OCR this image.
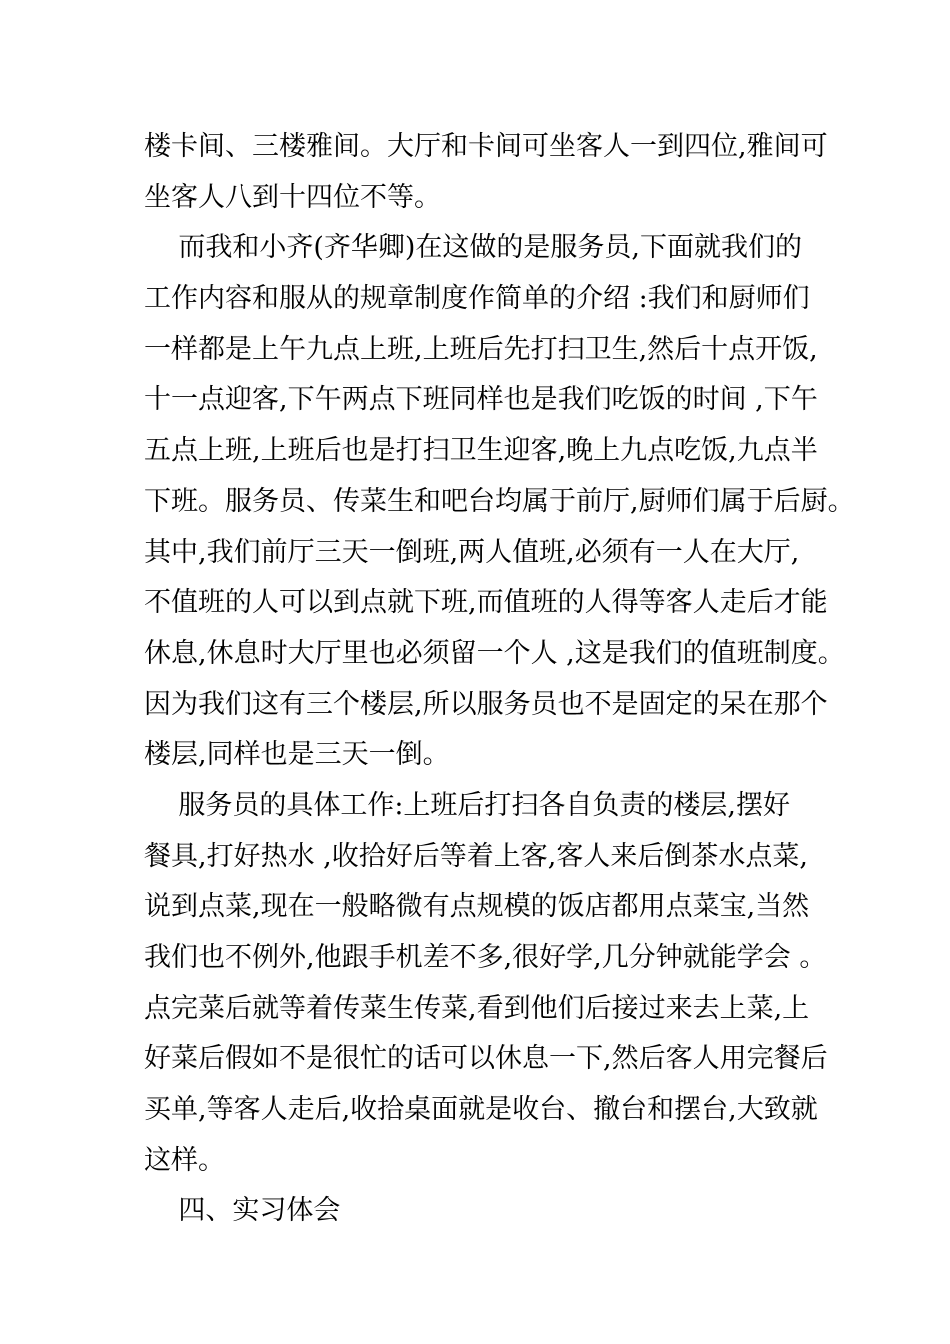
楼卡间、三楼雅间。大厅和卡间可坐客人一到四位,雅间可
坐客人八到十四位不等。
而我和小齐(齐华卿)在这做的是服务员,下面就我们的
工作内容和服从的规章制度作简单的介绍 :我们和厨师们
一样都是上午九点上班,上班后先打扫卫生,然后十点开饭,
十一点迎客,下午两点下班同样也是我们吃饭的时间 ,下午
五点上班,上班后也是打扫卫生迎客,晚上九点吃饭,九点半
下班。服务员、传菜生和吧台均属于前厅,厨师们属于后厨。
其中,我们前厅三天一倒班,两人值班,必须有一人在大厅,
不值班的人可以到点就下班,而值班的人得等客人走后才能
休息,休息时大厅里也必须留一个人 ,这是我们的值班制度。
因为我们这有三个楼层,所以服务员也不是固定的呆在那个
楼层,同样也是三天一倒。
服务员的具体工作:上班后打扫各自负责的楼层,摆好
餐具,打好热水 ,收拾好后等着上客,客人来后倒茶水点菜,
说到点菜,现在一般略微有点规模的饭店都用点菜宝,当然
我们也不例外,他跟手机差不多,很好学,几分钟就能学会 。
点完菜后就等着传菜生传菜,看到他们后接过来去上菜,上
好菜后假如不是很忙的话可以休息一下,然后客人用完餐后
买单,等客人走后,收拾桌面就是收台、撤台和摆台,大致就
这样。
四、实习体会
